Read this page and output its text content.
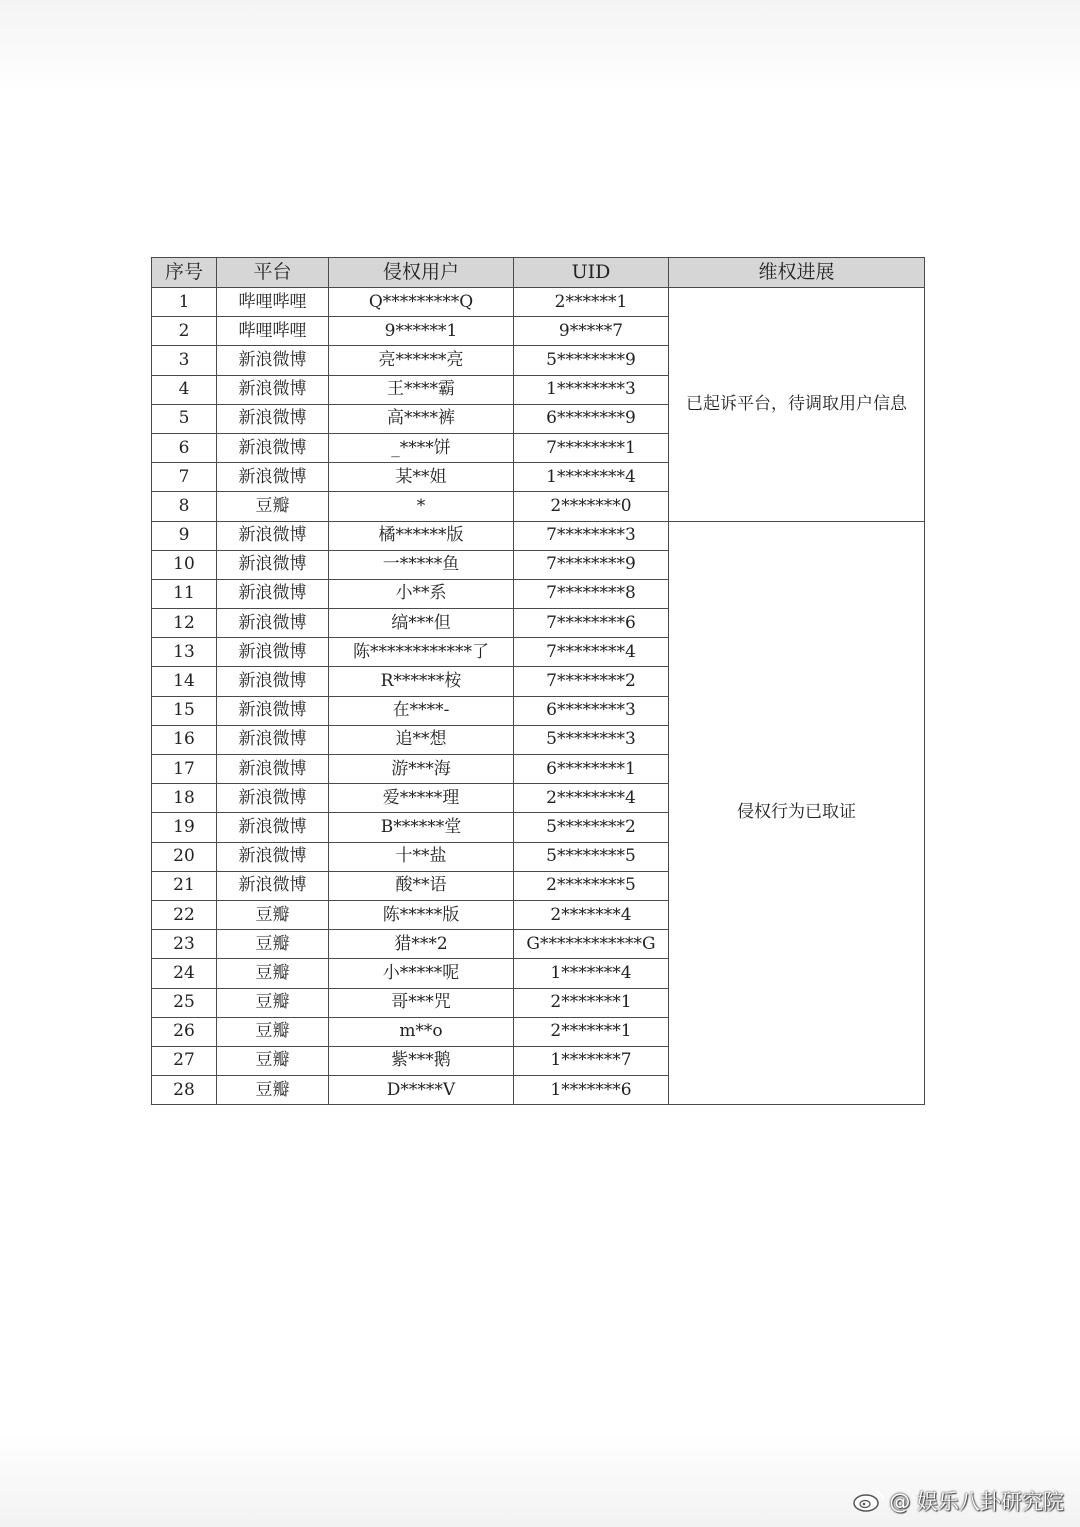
序号	平台	侵权用户	UID	维权进展
1	哔哩哔哩	Q*********Q	2******1	已起诉平台，待调取用户信息
2	哔哩哔哩	9******1	9*****7	
3	新浪微博	亮******亮	5********9	
4	新浪微博	王****霸	1********3	
5	新浪微博	高****裤	6********9	
6	新浪微博	_****饼	7********1	
7	新浪微博	某**姐	1********4	
8	豆瓣	*	2*******0	
9	新浪微博	橘******版	7********3	侵权行为已取证
10	新浪微博	一*****鱼	7********9	
11	新浪微博	小**系	7********8	
12	新浪微博	缟***但	7********6	
13	新浪微博	陈************了	7********4	
14	新浪微博	R******桉	7********2	
15	新浪微博	在****-	6********3	
16	新浪微博	追**想	5********3	
17	新浪微博	游***海	6********1	
18	新浪微博	爱*****理	2********4	
19	新浪微博	B******堂	5********2	
20	新浪微博	十**盐	5********5	
21	新浪微博	酸**语	2********5	
22	豆瓣	陈*****版	2*******4	
23	豆瓣	猎***2	G************G	
24	豆瓣	小*****呢	1*******4	
25	豆瓣	哥***咒	2*******1	
26	豆瓣	m**o	2*******1	
27	豆瓣	紫***鹅	1*******7	
28	豆瓣	D*****V	1*******6	
@ 娱乐八卦研究院
